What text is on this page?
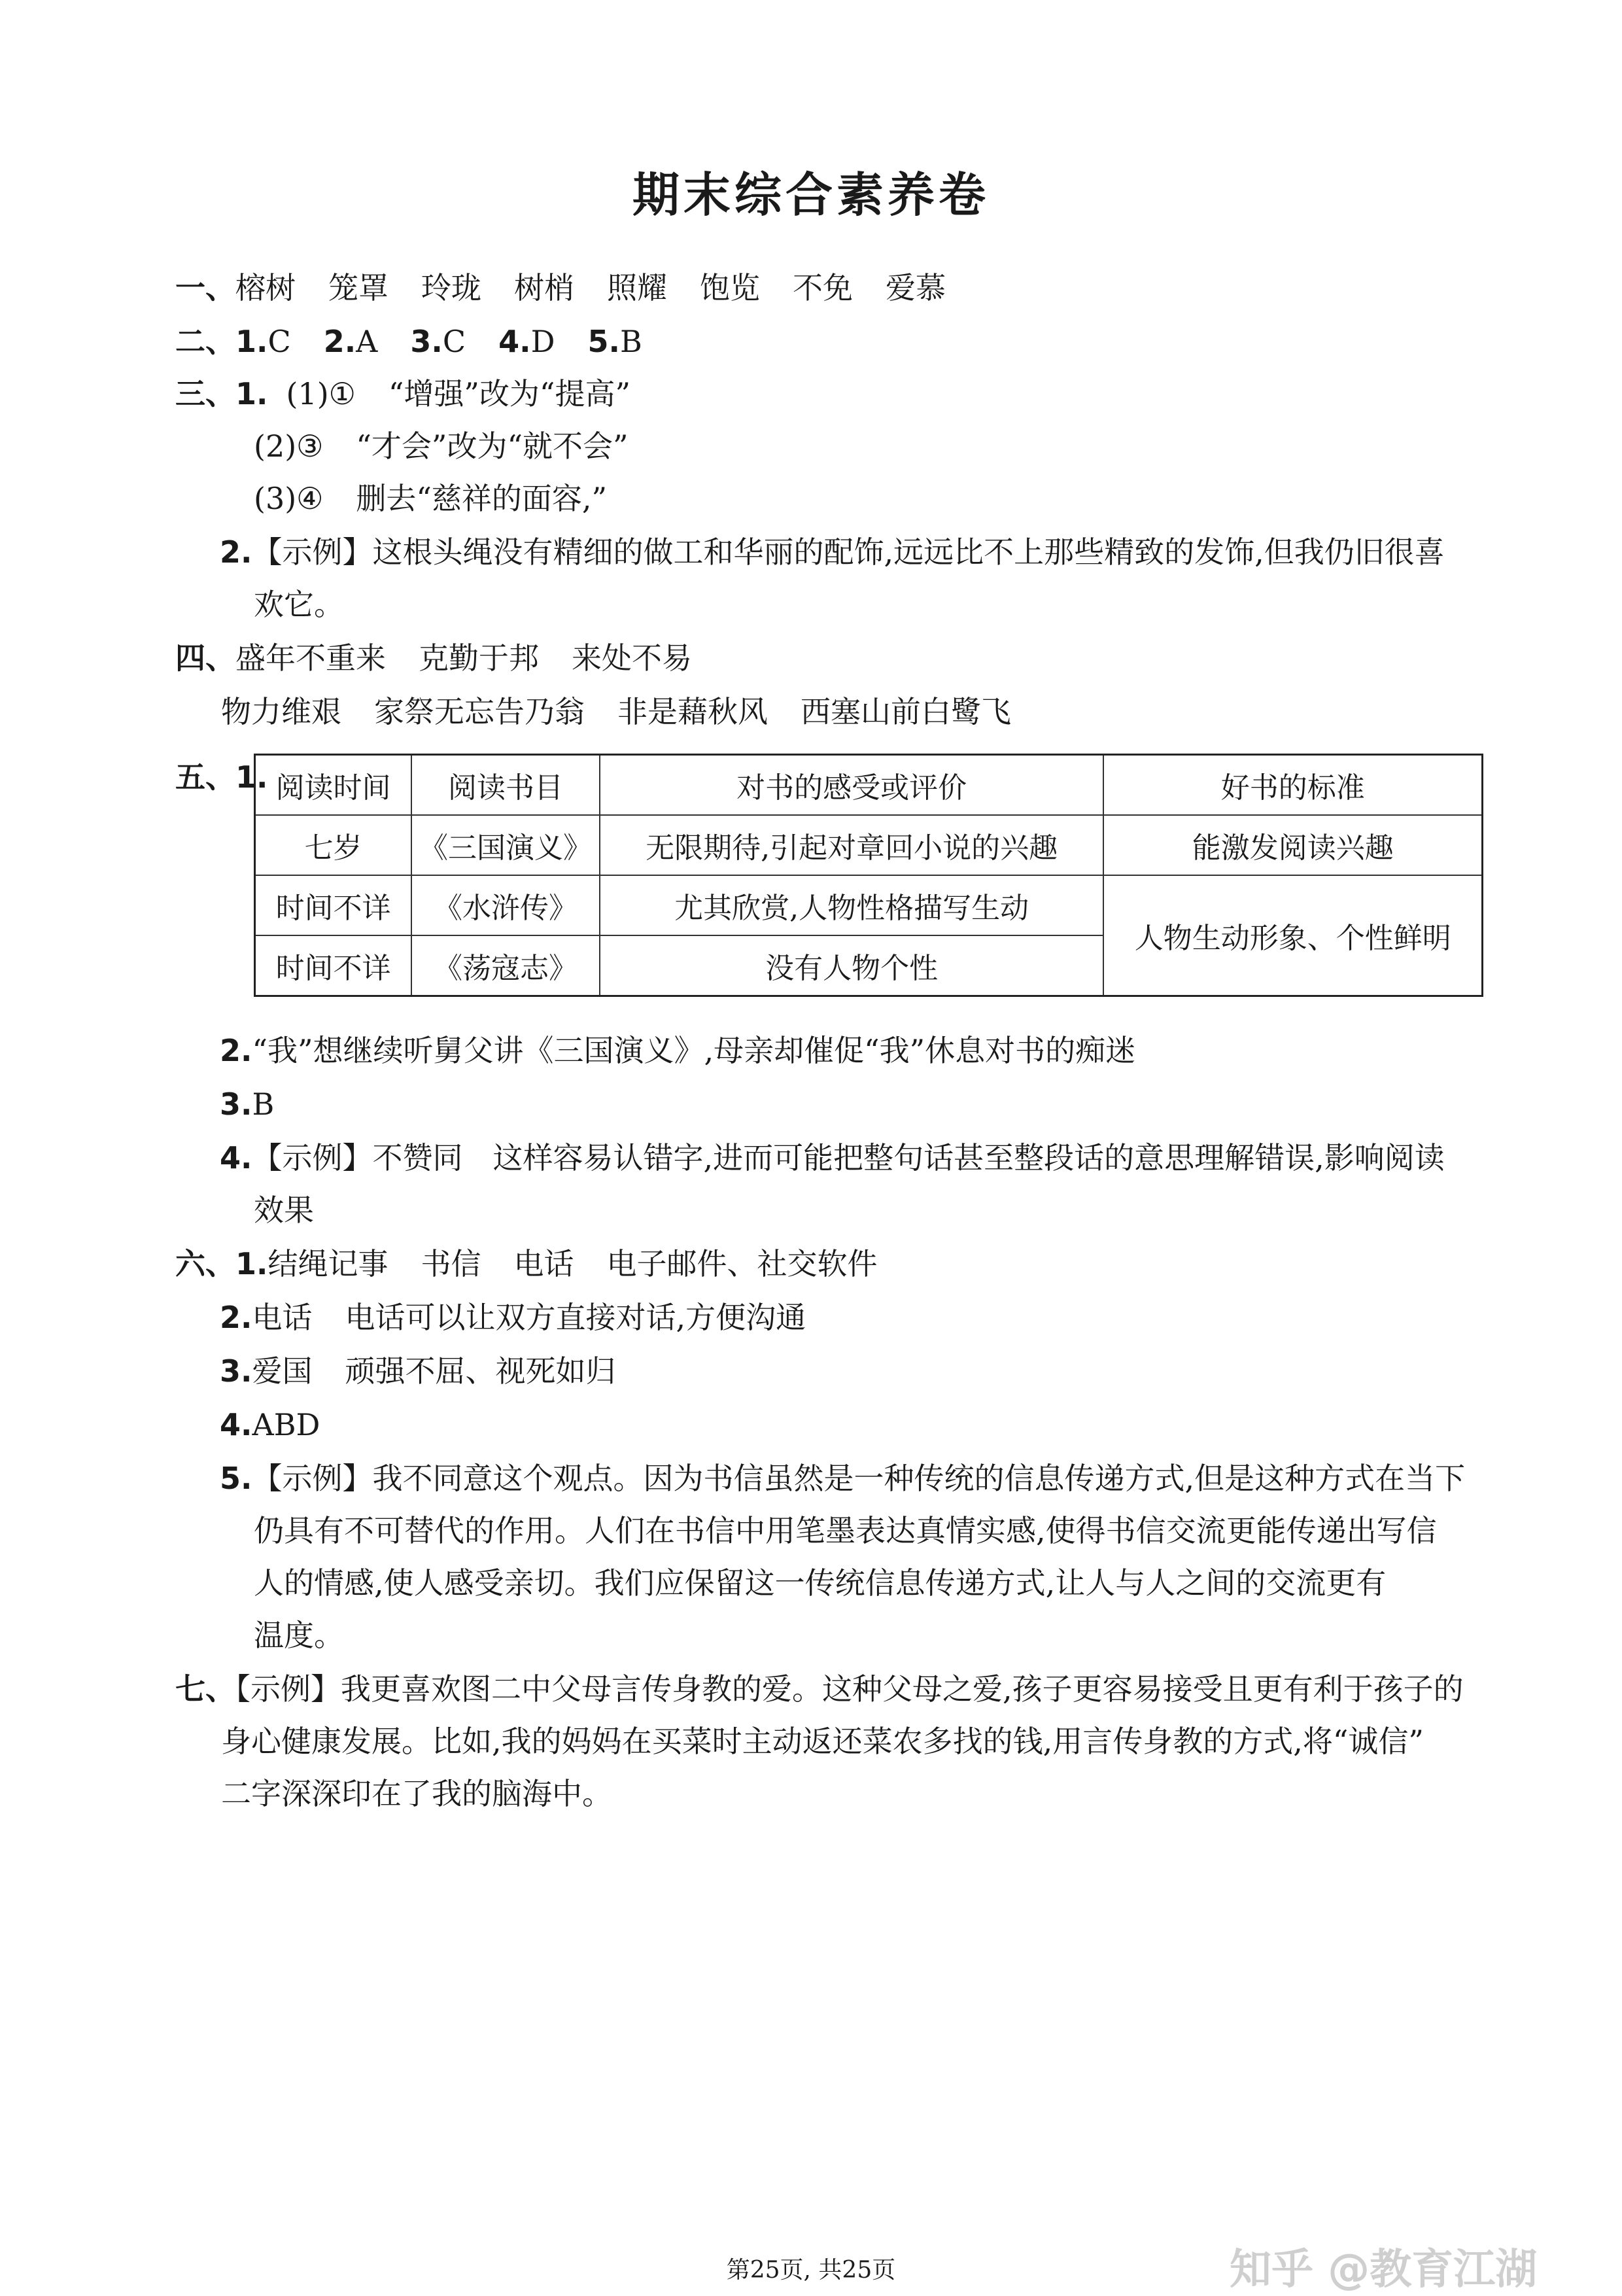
期末综合素养卷
一、榕树 笼罩 玲珑 树梢 照耀 饱览 不免 爱慕
二、1.C 2.A 3.C 4.D 5.B
三、1. (1)① “增强”改为“提高”
(2)③ “才会”改为“就不会”
(3)④ 删去“慈祥的面容,”
2.【示例】这根头绳没有精细的做工和华丽的配饰,远远比不上那些精致的发饰,但我仍旧很喜
欢它。
四、盛年不重来 克勤于邦 来处不易
物力维艰 家祭无忘告乃翁 非是藉秋风 西塞山前白鹭飞
五、1. 阅读时间	阅读书目	对书的感受或评价	好书的标准
七岁	《三国演义》	无限期待,引起对章回小说的兴趣	能激发阅读兴趣
时间不详	《水浒传》	尤其欣赏,人物性格描写生动	人物生动形象、个性鲜明
时间不详	《荡寇志》	没有人物个性	
2.“我”想继续听舅父讲《三国演义》,母亲却催促“我”休息对书的痴迷
3.B
4.【示例】不赞同　这样容易认错字,进而可能把整句话甚至整段话的意思理解错误,影响阅读
效果
六、1.结绳记事 书信 电话 电子邮件、社交软件
2.电话 电话可以让双方直接对话,方便沟通
3.爱国 顽强不屈、视死如归
4.ABD
5.【示例】我不同意这个观点。因为书信虽然是一种传统的信息传递方式,但是这种方式在当下
仍具有不可替代的作用。人们在书信中用笔墨表达真情实感,使得书信交流更能传递出写信
人的情感,使人感受亲切。我们应保留这一传统信息传递方式,让人与人之间的交流更有
温度。
七、【示例】我更喜欢图二中父母言传身教的爱。这种父母之爱,孩子更容易接受且更有利于孩子的
身心健康发展。比如,我的妈妈在买菜时主动返还菜农多找的钱,用言传身教的方式,将“诚信”
二字深深印在了我的脑海中。
第25页, 共25页	知乎 @教育江湖
